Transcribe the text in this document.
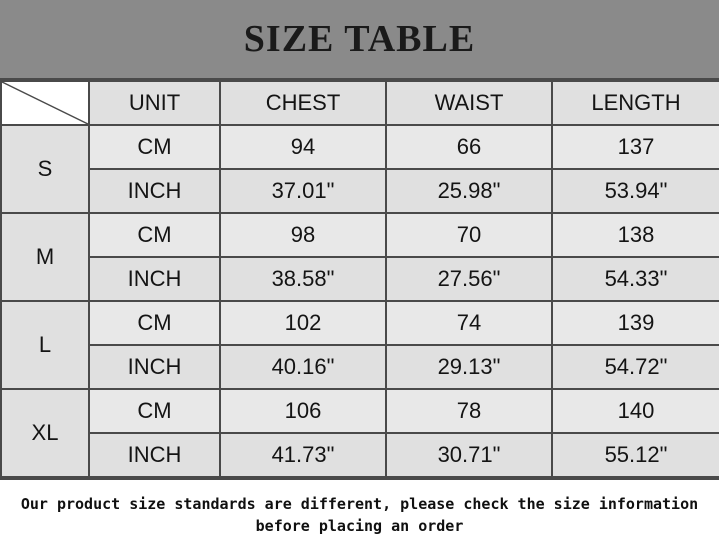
SIZE TABLE
	UNIT	CHEST	WAIST	LENGTH
S	CM	94	66	137
	INCH	37.01"	25.98"	53.94"
M	CM	98	70	138
	INCH	38.58"	27.56"	54.33"
L	CM	102	74	139
	INCH	40.16"	29.13"	54.72"
XL	CM	106	78	140
	INCH	41.73"	30.71"	55.12"
Our product size standards are different, please check the size information
before placing an order
